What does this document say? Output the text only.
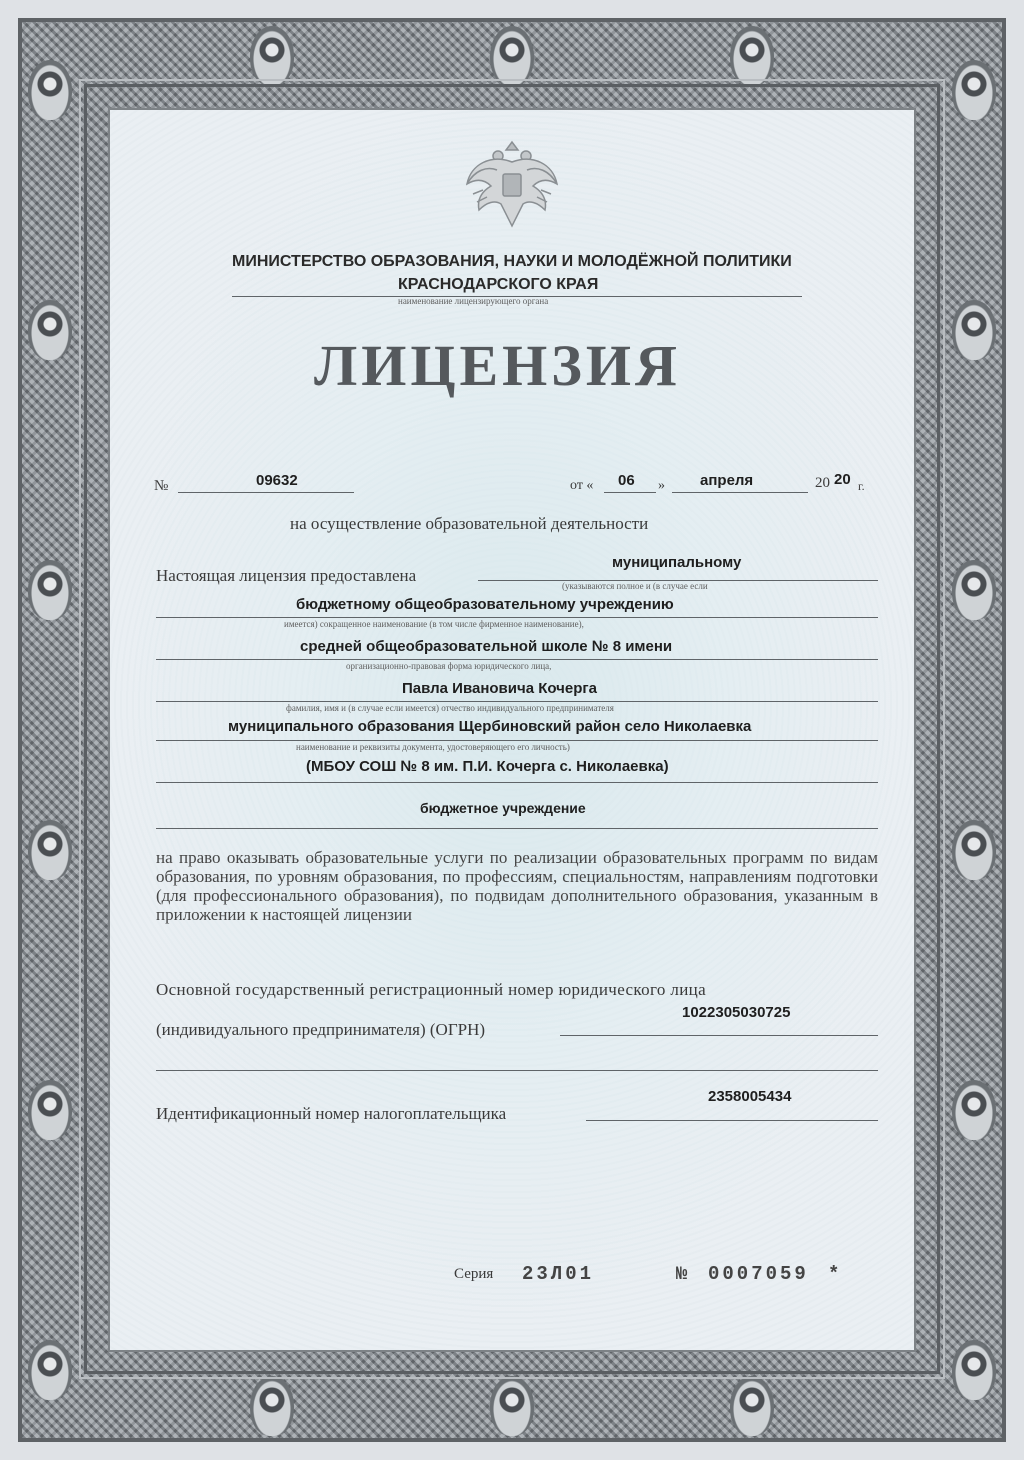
МИНИСТЕРСТВО ОБРАЗОВАНИЯ, НАУКИ И МОЛОДЁЖНОЙ ПОЛИТИКИ
КРАСНОДАРСКОГО КРАЯ
наименование лицензирующего органа
ЛИЦЕНЗИЯ
№	09632	от « 06 » апреля	20 20 г.
на осуществление образовательной деятельности
Настоящая лицензия предоставлена
муниципальному
(указываются полное и (в случае если
бюджетному общеобразовательному учреждению
имеется) сокращенное наименование (в том числе фирменное наименование),
средней общеобразовательной школе № 8 имени
организационно-правовая форма юридического лица,
Павла Ивановича Кочерга
фамилия, имя и (в случае если имеется) отчество индивидуального предпринимателя
муниципального образования Щербиновский район село Николаевка
наименование и реквизиты документа, удостоверяющего его личность)
(МБОУ СОШ № 8 им. П.И. Кочерга с. Николаевка)
бюджетное учреждение
на право оказывать образовательные услуги по реализации образовательных программ по видам образования, по уровням образования, по профессиям, специальностям, направлениям подготовки (для профессионального образования), по подвидам дополнительного образования, указанным в приложении к настоящей лицензии
Основной государственный регистрационный номер юридического лица
(индивидуального предпринимателя) (ОГРН)
1022305030725
Идентификационный номер налогоплательщика
2358005434
Серия 23Л01	№ 0007059 *
